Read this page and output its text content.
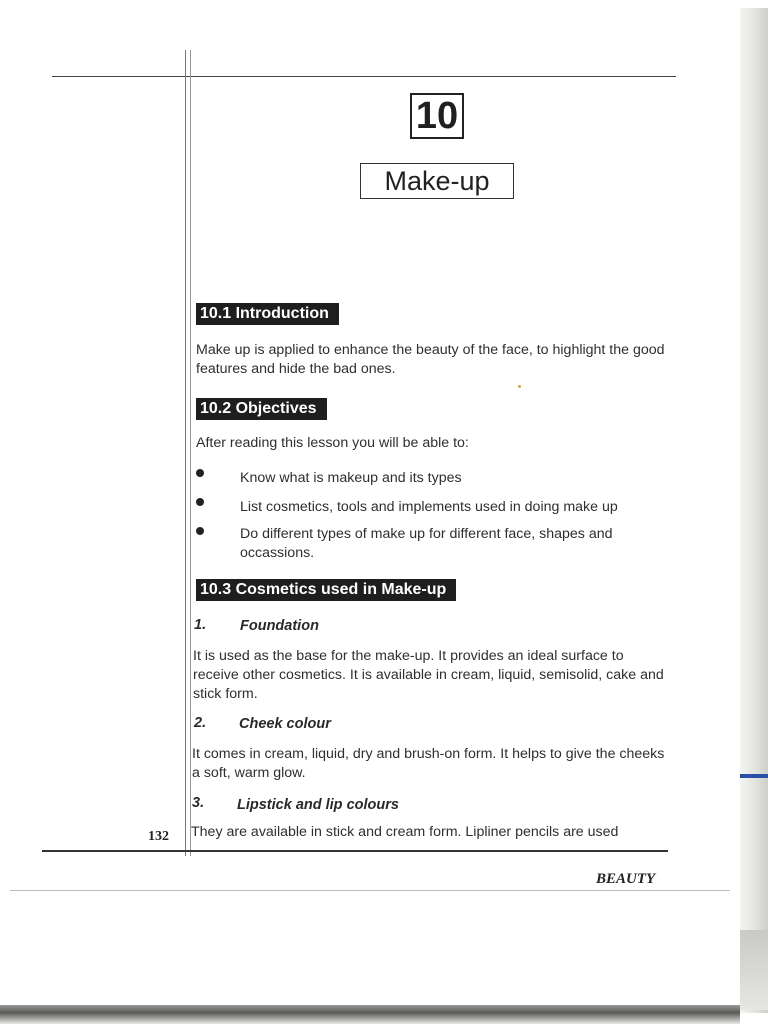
10
Make-up
10.1 Introduction
Make up is applied to enhance the beauty of the face, to highlight the good features and hide the bad ones.
10.2 Objectives
After reading this lesson you will be able to:
Know what is makeup and its types
List cosmetics, tools and implements used in doing make up
Do different types of make up for different face, shapes and occassions.
10.3 Cosmetics used in Make-up
1. Foundation
It is used as the base for the make-up. It provides an ideal surface to receive other cosmetics. It is available in cream, liquid, semisolid, cake and stick form.
2. Cheek colour
It comes in cream, liquid, dry and brush-on form. It helps to give the cheeks a soft, warm glow.
3. Lipstick and lip colours
They are available in stick and cream form. Lipliner pencils are used
132
BEAUTY
